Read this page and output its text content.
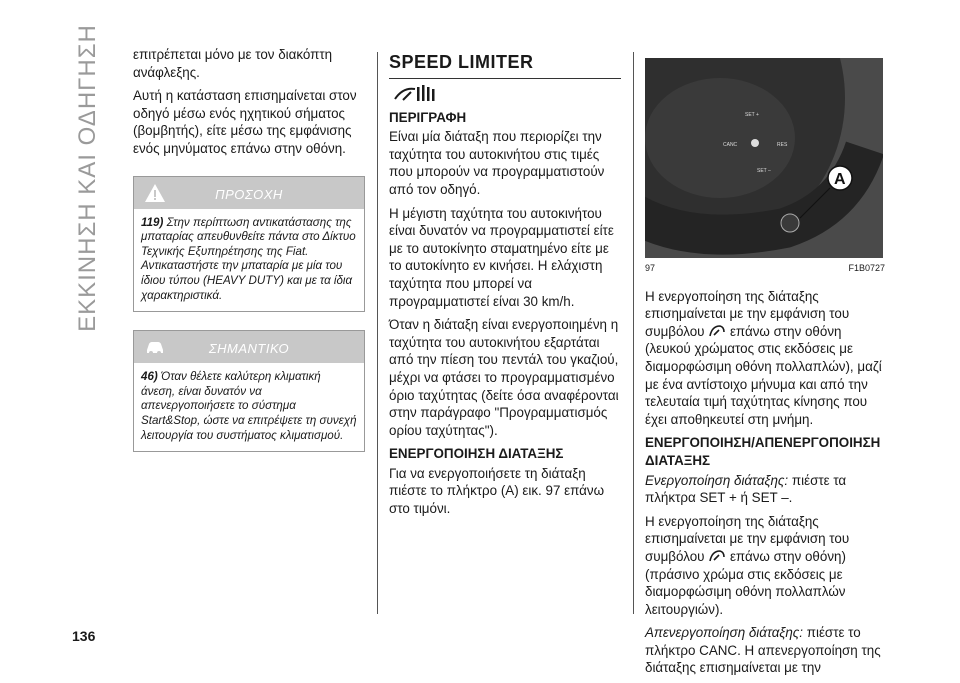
ΕΚΚΙΝΗΣΗ ΚΑΙ ΟΔΗΓΗΣΗ
136

επιτρέπεται μόνο με τον διακόπτη ανάφλεξης.

Αυτή η κατάσταση επισημαίνεται στον οδηγό μέσω ενός ηχητικού σήματος (βομβητής), είτε μέσω της εμφάνισης ενός μηνύματος επάνω στην οθόνη.

ΠΡΟΣΟΧΗ
119) Στην περίπτωση αντικατάστασης της μπαταρίας απευθυνθείτε πάντα στο Δίκτυο Τεχνικής Εξυπηρέτησης της Fiat. Αντικαταστήστε την μπαταρία με μία του ίδιου τύπου (HEAVY DUTY) και με τα ίδια χαρακτηριστικά.
ΣΗΜΑΝΤΙΚΟ
46) Όταν θέλετε καλύτερη κλιματική άνεση, είναι δυνατόν να απενεργοποιήσετε το σύστημα Start&Stop, ώστε να επιτρέψετε τη συνεχή λειτουργία του συστήματος κλιματισμού.
SPEED LIMITER
ΠΕΡΙΓΡΑΦΗ

Είναι μία διάταξη που περιορίζει την ταχύτητα του αυτοκινήτου στις τιμές που μπορούν να προγραμματιστούν από τον οδηγό.

Η μέγιστη ταχύτητα του αυτοκινήτου είναι δυνατόν να προγραμματιστεί είτε με το αυτοκίνητο σταματημένο είτε με το αυτοκίνητο εν κινήσει. Η ελάχιστη ταχύτητα που μπορεί να προγραμματιστεί είναι 30 km/h.

Όταν η διάταξη είναι ενεργοποιημένη η ταχύτητα του αυτοκινήτου εξαρτάται από την πίεση του πεντάλ του γκαζιού, μέχρι να φτάσει το προγραμματισμένο όριο ταχύτητας (δείτε όσα αναφέρονται στην παράγραφο "Προγραμματισμός ορίου ταχύτητας").

ΕΝΕΡΓΟΠΟΙΗΣΗ ΔΙΑΤΑΞΗΣ

Για να ενεργοποιήσετε τη διάταξη πιέστε το πλήκτρο (A) εικ. 97 επάνω στο τιμόνι.

SET +
CANC	RES
SET –	A
97	F1B0727

Η ενεργοποίηση της διάταξης επισημαίνεται με την εμφάνιση του συμβόλου επάνω στην οθόνη (λευκού χρώματος στις εκδόσεις με διαμορφώσιμη οθόνη πολλαπλών), μαζί με ένα αντίστοιχο μήνυμα και από την τελευταία τιμή ταχύτητας κίνησης που έχει αποθηκευτεί στη μνήμη.

ΕΝΕΡΓΟΠΟΙΗΣΗ/ΑΠΕΝΕΡΓΟΠΟΙΗΣΗ ΔΙΑΤΑΞΗΣ

Ενεργοποίηση διάταξης: πιέστε τα πλήκτρα SET + ή SET –.

Η ενεργοποίηση της διάταξης επισημαίνεται με την εμφάνιση του συμβόλου επάνω στην οθόνη) (πράσινο χρώμα στις εκδόσεις με διαμορφώσιμη οθόνη πολλαπλών λειτουργιών).

Απενεργοποίηση διάταξης: πιέστε το πλήκτρο CANC. Η απενεργοποίηση της διάταξης επισημαίνεται με την
